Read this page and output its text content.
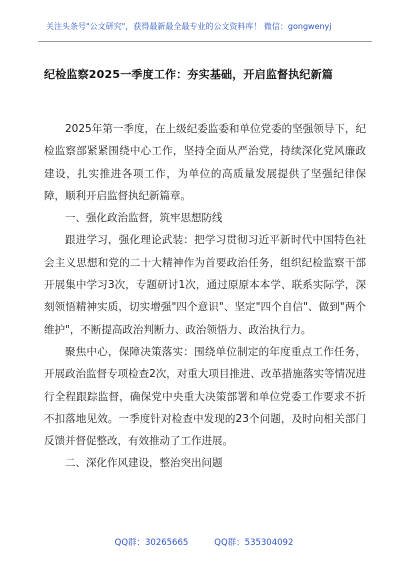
关注头条号"公文研究"，获得最新最全最专业的公文资料库！ 微信：gongwenyj
纪检监察2025一季度工作：夯实基础，开启监督执纪新篇

2025年第一季度，在上级纪委监委和单位党委的坚强领导下，纪检监察部紧紧围绕中心工作，坚持全面从严治党，持续深化党风廉政建设，扎实推进各项工作，为单位的高质量发展提供了坚强纪律保障，顺利开启监督执纪新篇章。

一、强化政治监督，筑牢思想防线

跟进学习，强化理论武装：把学习贯彻习近平新时代中国特色社会主义思想和党的二十大精神作为首要政治任务，组织纪检监察干部开展集中学习3次，专题研讨1次，通过原原本本学、联系实际学，深刻领悟精神实质，切实增强"四个意识"、坚定"四个自信"、做到"两个维护"，不断提高政治判断力、政治领悟力、政治执行力。

聚焦中心，保障决策落实：围绕单位制定的年度重点工作任务，开展政治监督专项检查2次，对重大项目推进、改革措施落实等情况进行全程跟踪监督，确保党中央重大决策部署和单位党委工作要求不折不扣落地见效。一季度针对检查中发现的23个问题，及时向相关部门反馈并督促整改，有效推动了工作进展。

二、深化作风建设，整治突出问题

QQ群：30265665	QQ群：535304092
